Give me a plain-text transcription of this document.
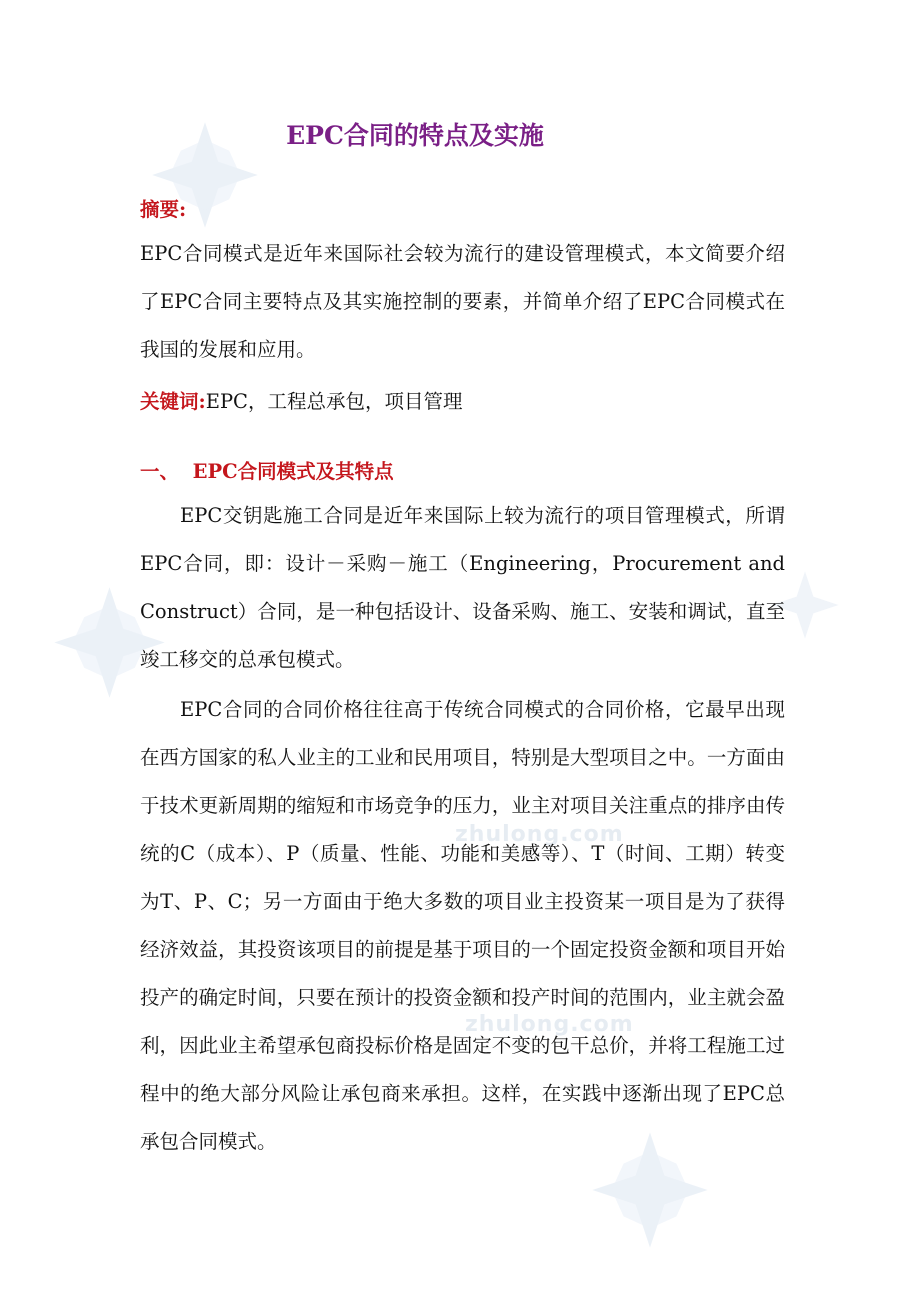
zhulong.com
zhulong.com
EPC合同的特点及实施
摘要:

EPC合同模式是近年来国际社会较为流行的建设管理模式，本文简要介绍了EPC合同主要特点及其实施控制的要素，并简单介绍了EPC合同模式在我国的发展和应用。

关键词:EPC，工程总承包，项目管理
一、  EPC合同模式及其特点

EPC交钥匙施工合同是近年来国际上较为流行的项目管理模式，所谓EPC合同，即：设计－采购－施工（Engineering，Procurement and Construct）合同，是一种包括设计、设备采购、施工、安装和调试，直至竣工移交的总承包模式。

EPC合同的合同价格往往高于传统合同模式的合同价格，它最早出现在西方国家的私人业主的工业和民用项目，特别是大型项目之中。一方面由于技术更新周期的缩短和市场竞争的压力，业主对项目关注重点的排序由传统的C（成本）、P（质量、性能、功能和美感等）、T（时间、工期）转变为T、P、C；另一方面由于绝大多数的项目业主投资某一项目是为了获得经济效益，其投资该项目的前提是基于项目的一个固定投资金额和项目开始投产的确定时间，只要在预计的投资金额和投产时间的范围内，业主就会盈利，因此业主希望承包商投标价格是固定不变的包干总价，并将工程施工过程中的绝大部分风险让承包商来承担。这样，在实践中逐渐出现了EPC总承包合同模式。
